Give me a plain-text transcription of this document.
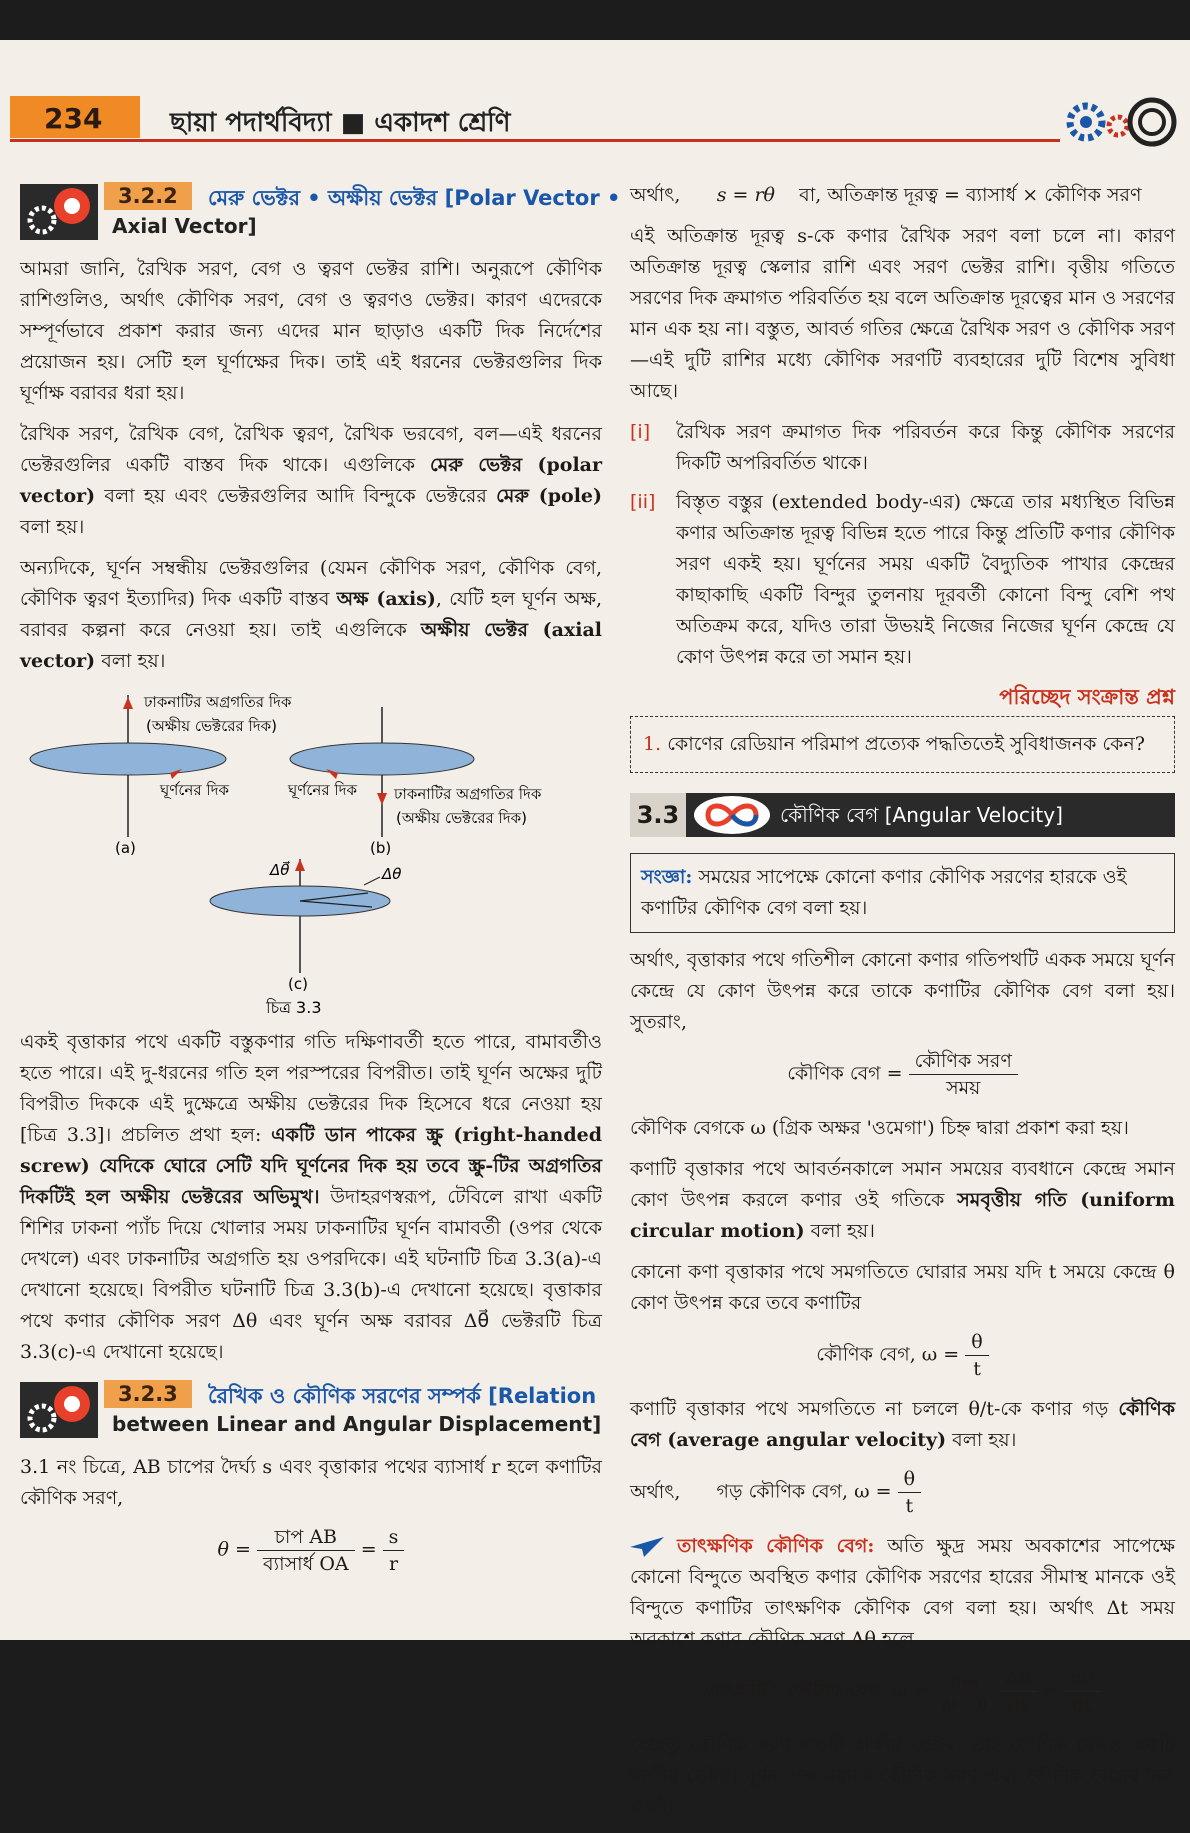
234	ছায়া পদার্থবিদ্যা ■ একাদশ শ্রেণি
3.2.2	মেরু ভেক্টর • অক্ষীয় ভেক্টর [Polar Vector •
Axial Vector]

আমরা জানি, রৈখিক সরণ, বেগ ও ত্বরণ ভেক্টর রাশি। অনুরূপে কৌণিক রাশিগুলিও, অর্থাৎ কৌণিক সরণ, বেগ ও ত্বরণও ভেক্টর। কারণ এদেরকে সম্পূর্ণভাবে প্রকাশ করার জন্য এদের মান ছাড়াও একটি দিক নির্দেশের প্রয়োজন হয়। সেটি হল ঘূর্ণাক্ষের দিক। তাই এই ধরনের ভেক্টরগুলির দিক ঘূর্ণাক্ষ বরাবর ধরা হয়।

রৈখিক সরণ, রৈখিক বেগ, রৈখিক ত্বরণ, রৈখিক ভরবেগ, বল—এই ধরনের ভেক্টরগুলির একটি বাস্তব দিক থাকে। এগুলিকে মেরু ভেক্টর (polar vector) বলা হয় এবং ভেক্টরগুলির আদি বিন্দুকে ভেক্টরের মেরু (pole) বলা হয়।

অন্যদিকে, ঘূর্ণন সম্বন্ধীয় ভেক্টরগুলির (যেমন কৌণিক সরণ, কৌণিক বেগ, কৌণিক ত্বরণ ইত্যাদির) দিক একটি বাস্তব অক্ষ (axis), যেটি হল ঘূর্ণন অক্ষ, বরাবর কল্পনা করে নেওয়া হয়। তাই এগুলিকে অক্ষীয় ভেক্টর (axial vector) বলা হয়।

ঢাকনাটির অগ্রগতির দিক
(অক্ষীয় ভেক্টরের দিক)
ঘূর্ণনের দিক
(a)
ঘূর্ণনের দিক ঢাকনাটির অগ্রগতির দিক
(অক্ষীয় ভেক্টরের দিক)
(b)
Δθ⃗	Δθ
(c)
চিত্র 3.3

একই বৃত্তাকার পথে একটি বস্তুকণার গতি দক্ষিণাবর্তী হতে পারে, বামাবর্তীও হতে পারে। এই দু-ধরনের গতি হল পরস্পরের বিপরীত। তাই ঘূর্ণন অক্ষের দুটি বিপরীত দিককে এই দুক্ষেত্রে অক্ষীয় ভেক্টরের দিক হিসেবে ধরে নেওয়া হয় [চিত্র 3.3]। প্রচলিত প্রথা হল: একটি ডান পাকের স্ক্রু (right-handed screw) যেদিকে ঘোরে সেটি যদি ঘূর্ণনের দিক হয় তবে স্ক্রু-টির অগ্রগতির দিকটিই হল অক্ষীয় ভেক্টরের অভিমুখ। উদাহরণস্বরূপ, টেবিলে রাখা একটি শিশির ঢাকনা প্যাঁচ দিয়ে খোলার সময় ঢাকনাটির ঘূর্ণন বামাবর্তী (ওপর থেকে দেখলে) এবং ঢাকনাটির অগ্রগতি হয় ওপরদিকে। এই ঘটনাটি চিত্র 3.3(a)-এ দেখানো হয়েছে। বিপরীত ঘটনাটি চিত্র 3.3(b)-এ দেখানো হয়েছে। বৃত্তাকার পথে কণার কৌণিক সরণ Δθ এবং ঘূর্ণন অক্ষ বরাবর Δθ⃗ ভেক্টরটি চিত্র 3.3(c)-এ দেখানো হয়েছে।

3.2.3	রৈখিক ও কৌণিক সরণের সম্পর্ক [Relation
between Linear and Angular Displacement]

3.1 নং চিত্রে, AB চাপের দৈর্ঘ্য s এবং বৃত্তাকার পথের ব্যাসার্ধ r হলে কণাটির কৌণিক সরণ,

$\theta = \frac{\text{চাপ AB}}{\text{ব্যাসার্ধ OA}} = \frac{s}{r}$

অর্থাৎ, s = rθ বা, অতিক্রান্ত দূরত্ব = ব্যাসার্ধ × কৌণিক সরণ

এই অতিক্রান্ত দূরত্ব s-কে কণার রৈখিক সরণ বলা চলে না। কারণ অতিক্রান্ত দূরত্ব স্কেলার রাশি এবং সরণ ভেক্টর রাশি। বৃত্তীয় গতিতে সরণের দিক ক্রমাগত পরিবর্তিত হয় বলে অতিক্রান্ত দূরত্বের মান ও সরণের মান এক হয় না। বস্তুত, আবর্ত গতির ক্ষেত্রে রৈখিক সরণ ও কৌণিক সরণ—এই দুটি রাশির মধ্যে কৌণিক সরণটি ব্যবহারের দুটি বিশেষ সুবিধা আছে।

[i] রৈখিক সরণ ক্রমাগত দিক পরিবর্তন করে কিন্তু কৌণিক সরণের দিকটি অপরিবর্তিত থাকে।
[ii] বিস্তৃত বস্তুর (extended body-এর) ক্ষেত্রে তার মধ্যস্থিত বিভিন্ন কণার অতিক্রান্ত দূরত্ব বিভিন্ন হতে পারে কিন্তু প্রতিটি কণার কৌণিক সরণ একই হয়। ঘূর্ণনের সময় একটি বৈদ্যুতিক পাখার কেন্দ্রের কাছাকাছি একটি বিন্দুর তুলনায় দূরবর্তী কোনো বিন্দু বেশি পথ অতিক্রম করে, যদিও তারা উভয়ই নিজের নিজের ঘূর্ণন কেন্দ্রে যে কোণ উৎপন্ন করে তা সমান হয়।
পরিচ্ছেদ সংক্রান্ত প্রশ্ন
1. কোণের রেডিয়ান পরিমাপ প্রত্যেক পদ্ধতিতেই সুবিধাজনক কেন?
3.3	কৌণিক বেগ [Angular Velocity]
সংজ্ঞা: সময়ের সাপেক্ষে কোনো কণার কৌণিক সরণের হারকে ওই কণাটির কৌণিক বেগ বলা হয়।

অর্থাৎ, বৃত্তাকার পথে গতিশীল কোনো কণার গতিপথটি একক সময়ে ঘূর্ণন কেন্দ্রে যে কোণ উৎপন্ন করে তাকে কণাটির কৌণিক বেগ বলা হয়। সুতরাং,

কৌণিক বেগ = $\frac{\text{কৌণিক সরণ}}{\text{সময়}}$

কৌণিক বেগকে ω (গ্রিক অক্ষর 'ওমেগা') চিহ্ন দ্বারা প্রকাশ করা হয়।

কণাটি বৃত্তাকার পথে আবর্তনকালে সমান সময়ের ব্যবধানে কেন্দ্রে সমান কোণ উৎপন্ন করলে কণার ওই গতিকে সমবৃত্তীয় গতি (uniform circular motion) বলা হয়।

কোনো কণা বৃত্তাকার পথে সমগতিতে ঘোরার সময় যদি t সময়ে কেন্দ্রে θ কোণ উৎপন্ন করে তবে কণাটির

কৌণিক বেগ, $\omega = \frac{\theta}{t}$

কণাটি বৃত্তাকার পথে সমগতিতে না চললে θ/t-কে কণার গড় কৌণিক বেগ (average angular velocity) বলা হয়।

অর্থাৎ, গড় কৌণিক বেগ, $\omega = \frac{\theta}{t}$

তাৎক্ষণিক কৌণিক বেগ: অতি ক্ষুদ্র সময় অবকাশের সাপেক্ষে কোনো বিন্দুতে অবস্থিত কণার কৌণিক সরণের হারের সীমাস্থ মানকে ওই বিন্দুতে কণাটির তাৎক্ষণিক কৌণিক বেগ বলা হয়। অর্থাৎ Δt সময় অবকাশে কণার কৌণিক সরণ Δθ হলে,

তাৎক্ষণিক কৌণিক বেগ, ω =	lim
Δt → 0
$\frac{\Delta\theta}{\Delta t} = \frac{d\theta}{dt}$

যেহেতু কৌণিক সরণ একটি অক্ষীয় ভেক্টর, তাই কৌণিক বেগও একটি অক্ষীয় ভেক্টর। ঘূর্ণন অক্ষ বরাবর কৌণিক সরণ এবং কৌণিক বেগের দিক একই।
